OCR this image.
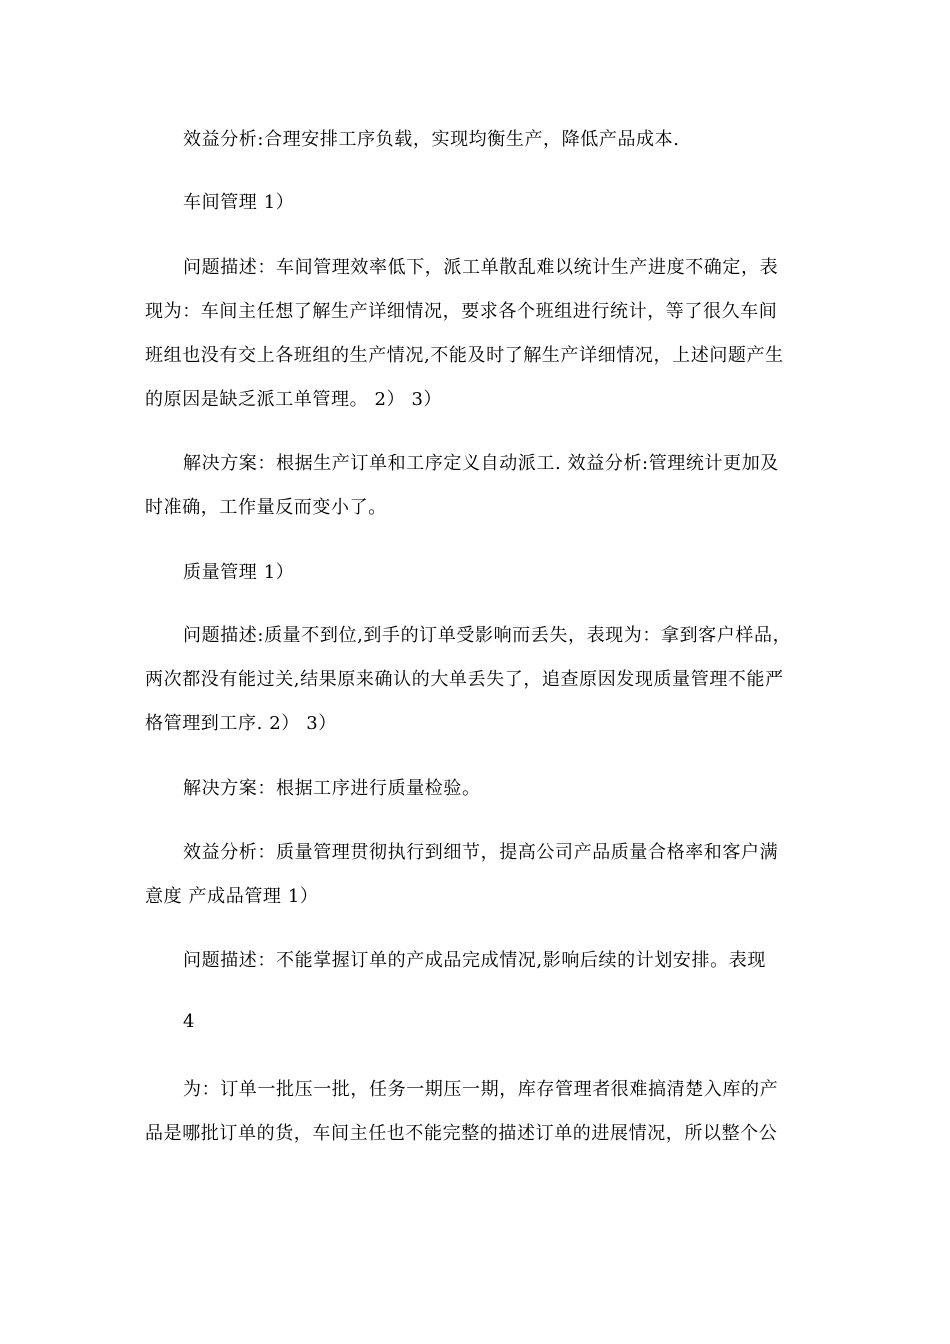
效益分析:合理安排工序负载，实现均衡生产，降低产品成本.

车间管理 1）

问题描述：车间管理效率低下，派工单散乱难以统计生产进度不确定，表

现为：车间主任想了解生产详细情况，要求各个班组进行统计，等了很久车间

班组也没有交上各班组的生产情况,不能及时了解生产详细情况，上述问题产生

的原因是缺乏派工单管理。 2） 3）

解决方案：根据生产订单和工序定义自动派工. 效益分析:管理统计更加及

时准确，工作量反而变小了。

质量管理 1）

问题描述:质量不到位,到手的订单受影响而丢失，表现为：拿到客户样品，

两次都没有能过关,结果原来确认的大单丢失了，追查原因发现质量管理不能严

格管理到工序. 2） 3）

解决方案：根据工序进行质量检验。

效益分析：质量管理贯彻执行到细节，提高公司产品质量合格率和客户满

意度 产成品管理 1）

问题描述：不能掌握订单的产成品完成情况,影响后续的计划安排。表现

4

为：订单一批压一批，任务一期压一期，库存管理者很难搞清楚入库的产

品是哪批订单的货，车间主任也不能完整的描述订单的进展情况，所以整个公
